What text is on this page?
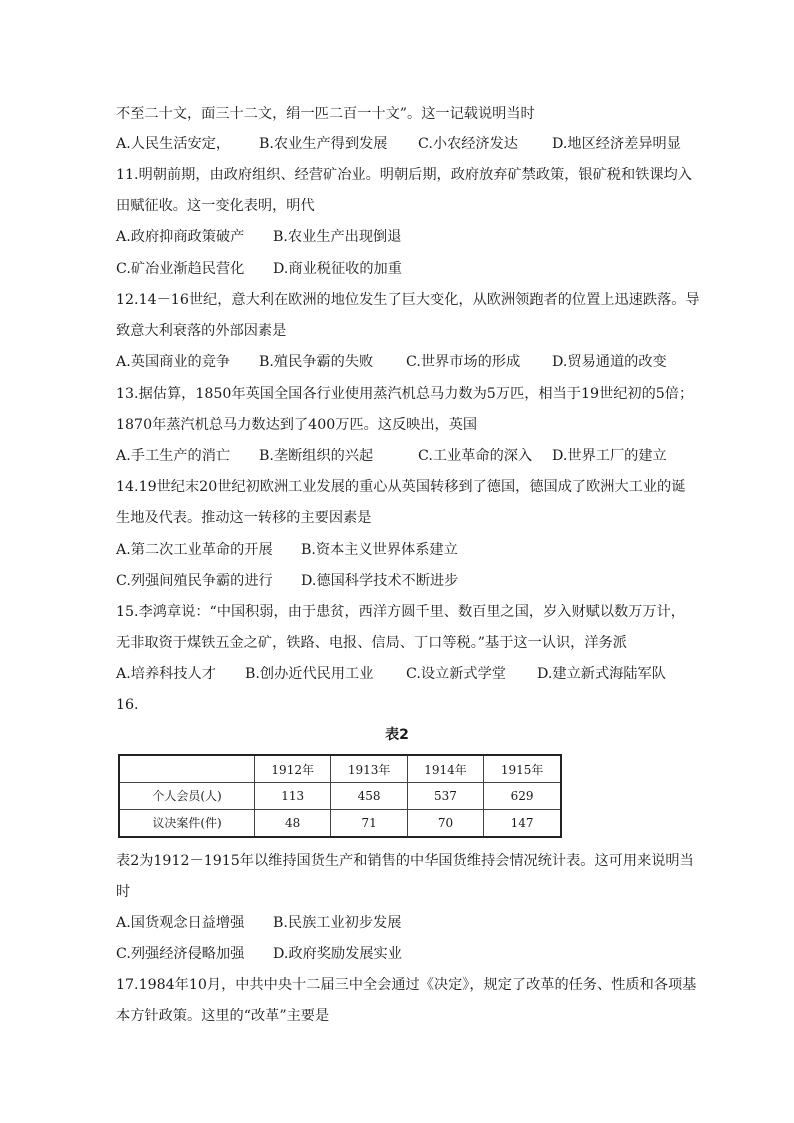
不至二十文，面三十二文，绢一匹二百一十文”。这一记载说明当时
A.人民生活安定， B.农业生产得到发展 C.小农经济发达 D.地区经济差异明显
11.明朝前期，由政府组织、经营矿冶业。明朝后期，政府放弃矿禁政策，银矿税和铁课均入
田赋征收。这一变化表明，明代
A.政府抑商政策破产 B.农业生产出现倒退
C.矿冶业渐趋民营化 D.商业税征收的加重
12.14－16世纪，意大利在欧洲的地位发生了巨大变化，从欧洲领跑者的位置上迅速跌落。导
致意大利衰落的外部因素是
A.英国商业的竞争 B.殖民争霸的失败 C.世界市场的形成 D.贸易通道的改变
13.据估算，1850年英国全国各行业使用蒸汽机总马力数为5万匹，相当于19世纪初的5倍；
1870年蒸汽机总马力数达到了400万匹。这反映出，英国
A.手工生产的消亡 B.垄断组织的兴起	C.工业革命的深入 D.世界工厂的建立
14.19世纪末20世纪初欧洲工业发展的重心从英国转移到了德国，德国成了欧洲大工业的诞
生地及代表。推动这一转移的主要因素是
A.第二次工业革命的开展 B.资本主义世界体系建立
C.列强间殖民争霸的进行 D.德国科学技术不断进步
15.李鸿章说：“中国积弱，由于患贫，西洋方圆千里、数百里之国，岁入财赋以数万万计，
无非取资于煤铁五金之矿，铁路、电报、信局、丁口等税。”基于这一认识，洋务派
A.培养科技人才 B.创办近代民用工业 C.设立新式学堂 D.建立新式海陆军队
16.
表2
	1912年	1913年	1914年	1915年
个人会员(人)	113	458	537	629
议决案件(件)	48	71	70	147
表2为1912－1915年以维持国货生产和销售的中华国货维持会情况统计表。这可用来说明当
时
A.国货观念日益增强 B.民族工业初步发展
C.列强经济侵略加强 D.政府奖励发展实业
17.1984年10月，中共中央十二届三中全会通过《决定》，规定了改革的任务、性质和各项基
本方针政策。这里的“改革”主要是
